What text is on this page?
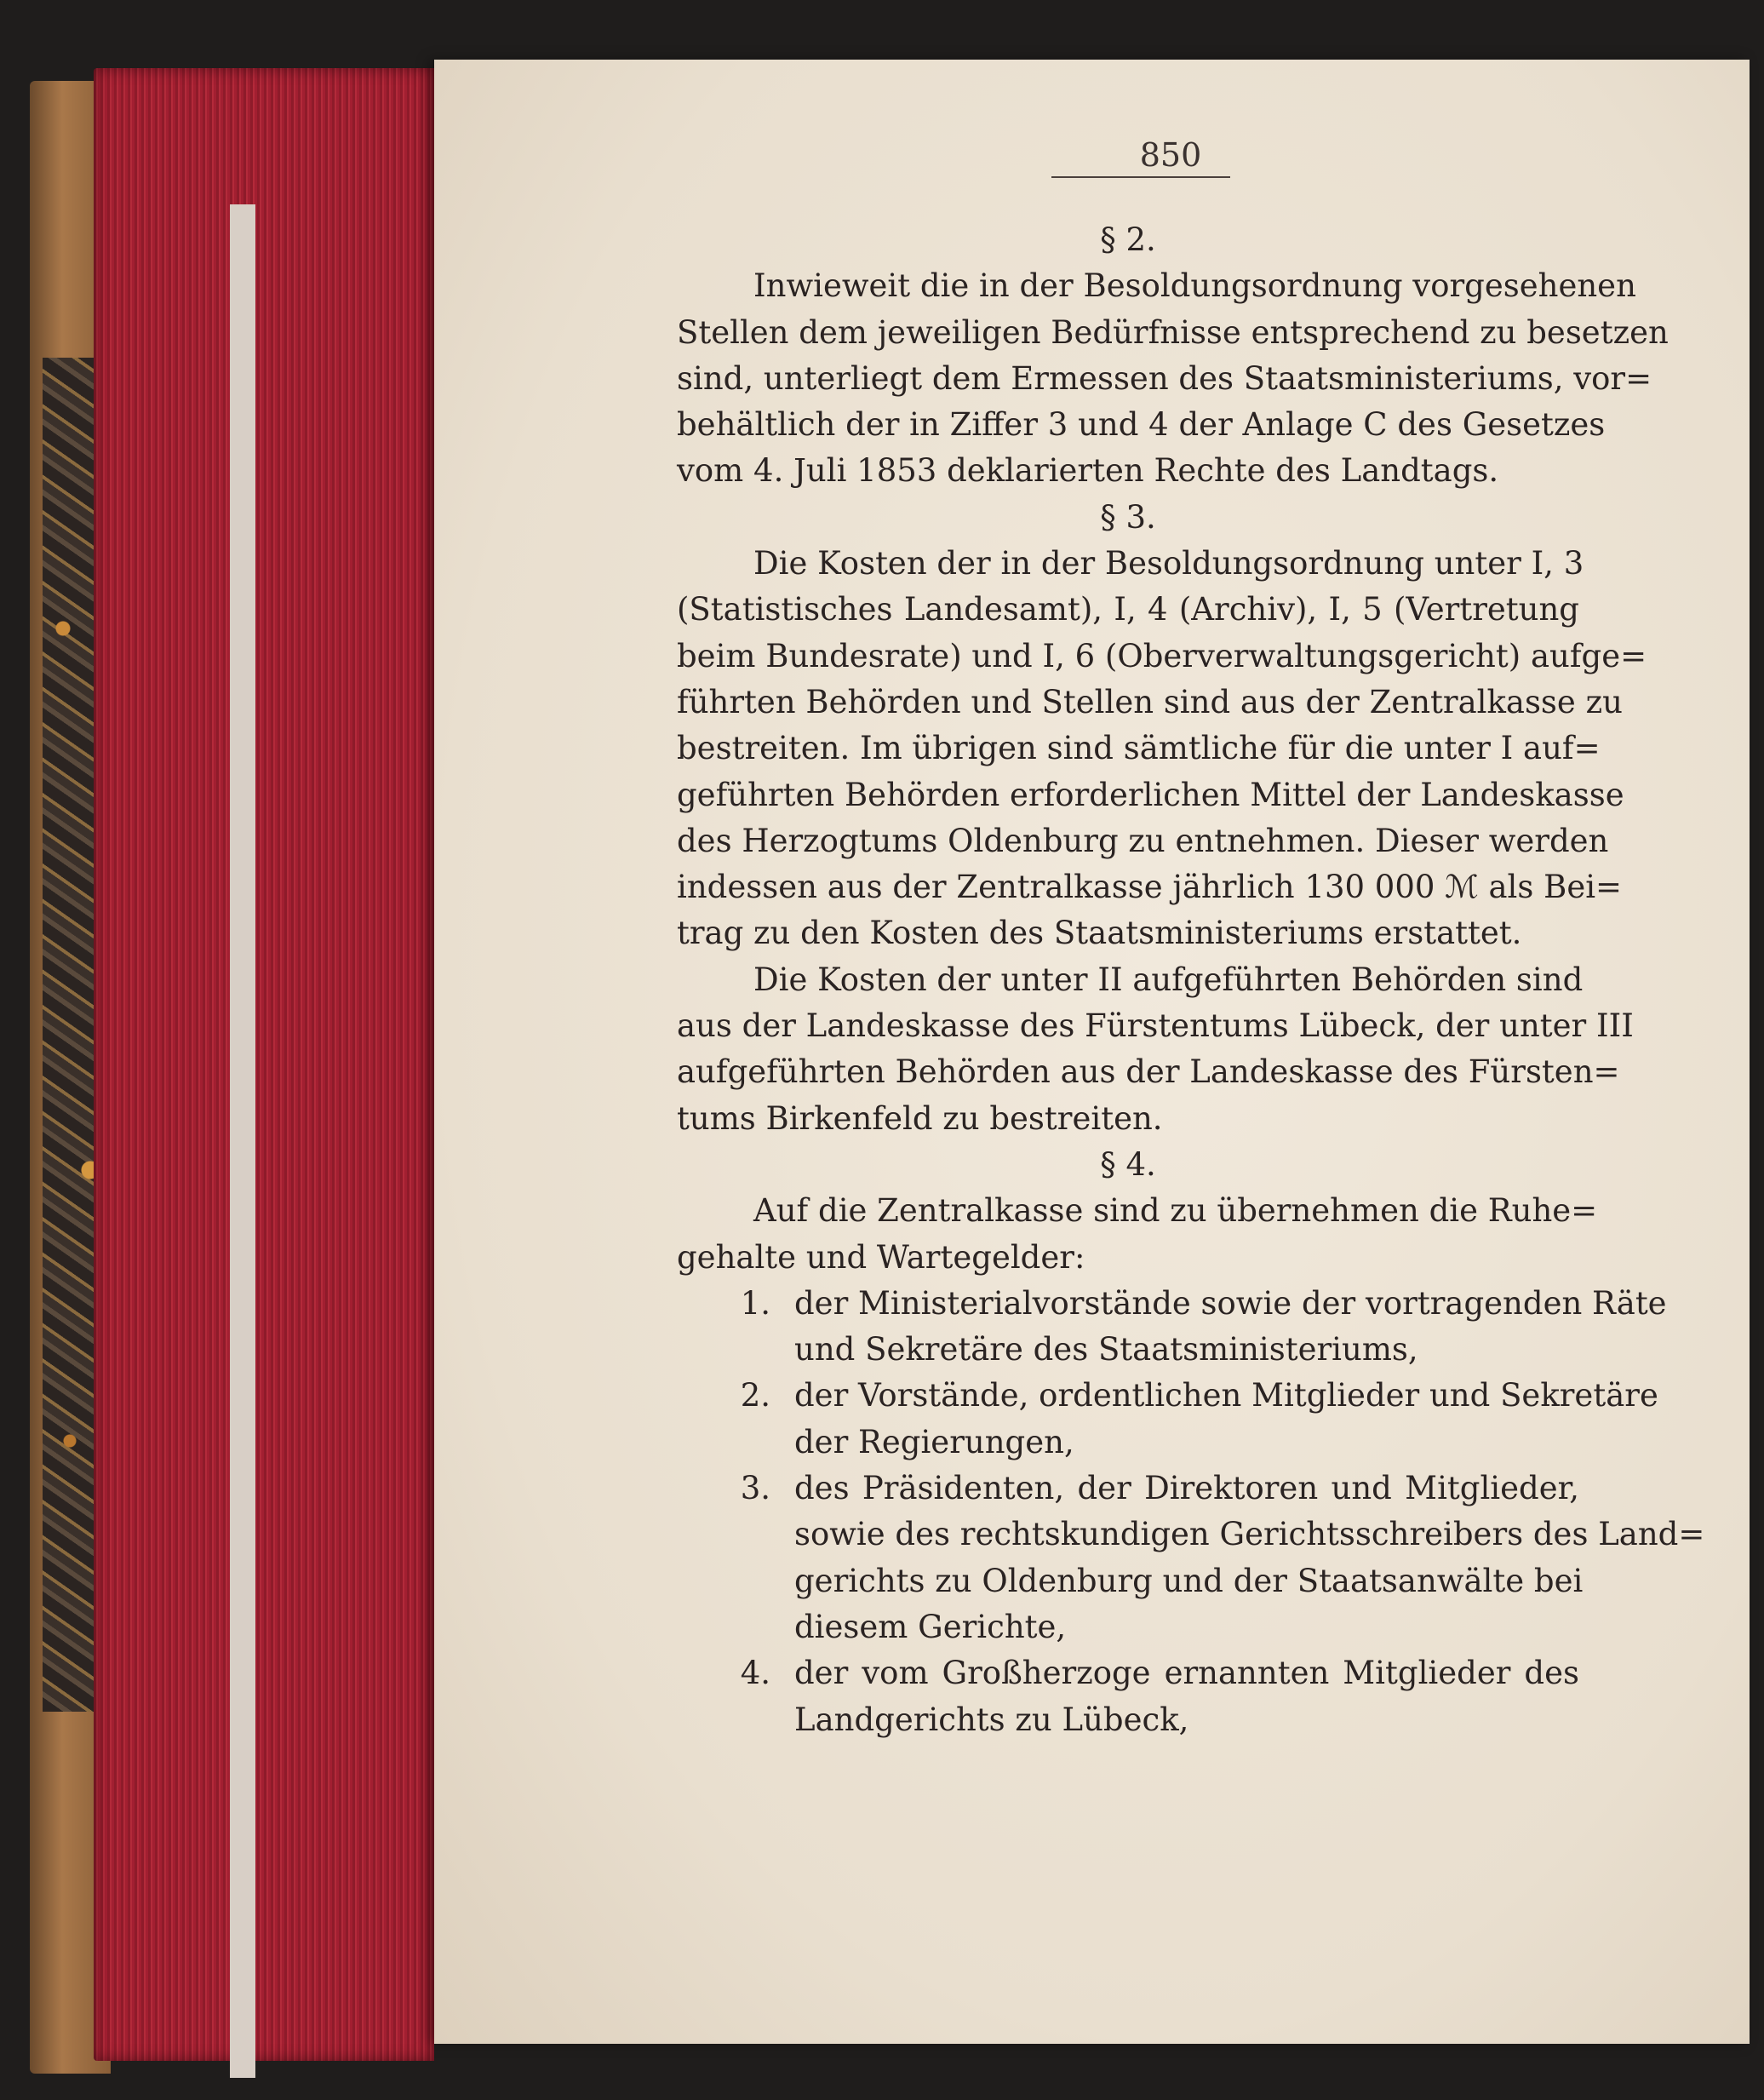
850

§ 2.

Inwieweit die in der Besoldungsordnung vorgesehenen

Stellen dem jeweiligen Bedürfnisse entsprechend zu besetzen

sind, unterliegt dem Ermessen des Staatsministeriums, vor=

behältlich der in Ziffer 3 und 4 der Anlage C des Gesetzes

vom 4. Juli 1853 deklarierten Rechte des Landtags.

§ 3.

Die Kosten der in der Besoldungsordnung unter I, 3

(Statistisches Landesamt), I, 4 (Archiv), I, 5 (Vertretung

beim Bundesrate) und I, 6 (Oberverwaltungsgericht) aufge=

führten Behörden und Stellen sind aus der Zentralkasse zu

bestreiten. Im übrigen sind sämtliche für die unter I auf=

geführten Behörden erforderlichen Mittel der Landeskasse

des Herzogtums Oldenburg zu entnehmen. Dieser werden

indessen aus der Zentralkasse jährlich 130 000 ℳ als Bei=

trag zu den Kosten des Staatsministeriums erstattet.

Die Kosten der unter II aufgeführten Behörden sind

aus der Landeskasse des Fürstentums Lübeck, der unter III

aufgeführten Behörden aus der Landeskasse des Fürsten=

tums Birkenfeld zu bestreiten.

§ 4.

Auf die Zentralkasse sind zu übernehmen die Ruhe=

gehalte und Wartegelder:

1. der Ministerialvorstände sowie der vortragenden Räte

und Sekretäre des Staatsministeriums,

2. der Vorstände, ordentlichen Mitglieder und Sekretäre

der Regierungen,

3. des Präsidenten, der Direktoren und Mitglieder,

sowie des rechtskundigen Gerichtsschreibers des Land=

gerichts zu Oldenburg und der Staatsanwälte bei

diesem Gerichte,

4. der vom Großherzoge ernannten Mitglieder des

Landgerichts zu Lübeck,
